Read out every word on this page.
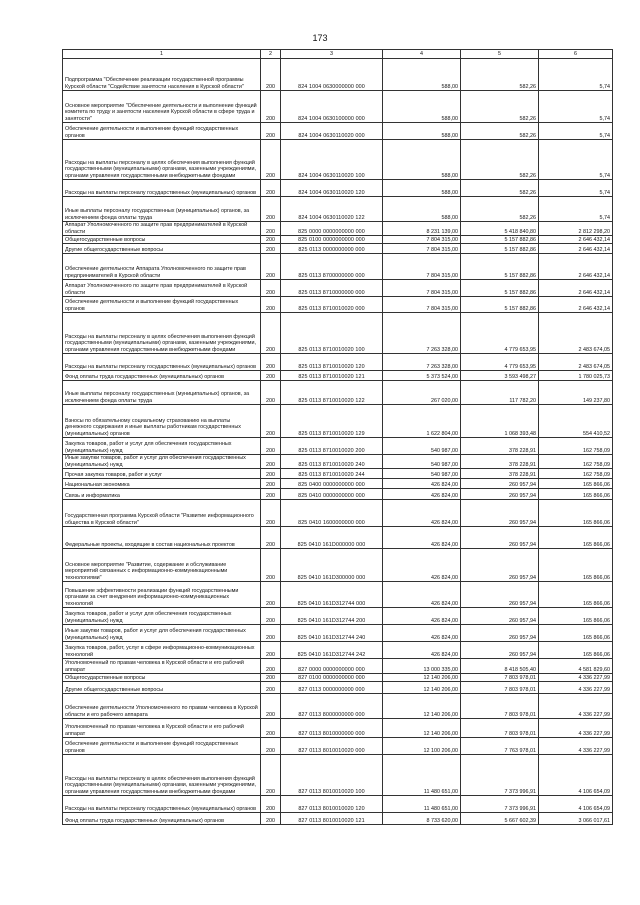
173
1	2	3	4	5	6
Подпрограмма "Обеспечение реализации государственной программы Курской области "Содействие занятости населения в Курской области"	200	824 1004 0630000000 000	588,00	582,26	5,74
Основное мероприятие "Обеспечение деятельности и выполнение функций комитета по труду и занятости населения Курской области в сфере труда и занятости"	200	824 1004 0630100000 000	588,00	582,26	5,74
Обеспечение деятельности и выполнение функций государственных органов	200	824 1004 0630110020 000	588,00	582,26	5,74
Расходы на выплаты персоналу в целях обеспечения выполнения функций государственными (муниципальными) органами, казенными учреждениями, органами управления государственными внебюджетными фондами	200	824 1004 0630110020 100	588,00	582,26	5,74
Расходы на выплаты персоналу государственных (муниципальных) органов	200	824 1004 0630110020 120	588,00	582,26	5,74
Иные выплаты персоналу государственных (муниципальных) органов, за исключением фонда оплаты труда	200	824 1004 0630110020 122	588,00	582,26	5,74
Аппарат Уполномоченного по защите прав предпринимателей в Курской области	200	825 0000 0000000000 000	8 231 139,00	5 418 840,80	2 812 298,20
Общегосударственные вопросы	200	825 0100 0000000000 000	7 804 315,00	5 157 882,86	2 646 432,14
Другие общегосударственные вопросы	200	825 0113 0000000000 000	7 804 315,00	5 157 882,86	2 646 432,14
Обеспечение деятельности Аппарата Уполномоченного по защите прав предпринимателей в Курской области	200	825 0113 8700000000 000	7 804 315,00	5 157 882,86	2 646 432,14
Аппарат Уполномоченного по защите прав предпринимателей в Курской области	200	825 0113 8710000000 000	7 804 315,00	5 157 882,86	2 646 432,14
Обеспечение деятельности и выполнение функций государственных органов	200	825 0113 8710010020 000	7 804 315,00	5 157 882,86	2 646 432,14
Расходы на выплаты персоналу в целях обеспечения выполнения функций государственными (муниципальными) органами, казенными учреждениями, органами управления государственными внебюджетными фондами	200	825 0113 8710010020 100	7 263 328,00	4 779 653,95	2 483 674,05
Расходы на выплаты персоналу государственных (муниципальных) органов	200	825 0113 8710010020 120	7 263 328,00	4 779 653,95	2 483 674,05
Фонд оплаты труда государственных (муниципальных) органов	200	825 0113 8710010020 121	5 373 524,00	3 593 498,27	1 780 025,73
Иные выплаты персоналу государственных (муниципальных) органов, за исключением фонда оплаты труда	200	825 0113 8710010020 122	267 020,00	117 782,20	149 237,80
Взносы по обязательному социальному страхованию на выплаты денежного содержания и иные выплаты работникам государственных (муниципальных) органов	200	825 0113 8710010020 129	1 622 804,00	1 068 393,48	554 410,52
Закупка товаров, работ и услуг для обеспечения государственных (муниципальных) нужд	200	825 0113 8710010020 200	540 987,00	378 228,91	162 758,09
Иные закупки товаров, работ и услуг для обеспечения государственных (муниципальных) нужд	200	825 0113 8710010020 240	540 987,00	378 228,91	162 758,09
Прочая закупка товаров, работ и услуг	200	825 0113 8710010020 244	540 987,00	378 228,91	162 758,09
Национальная экономика	200	825 0400 0000000000 000	426 824,00	260 957,94	165 866,06
Связь и информатика	200	825 0410 0000000000 000	426 824,00	260 957,94	165 866,06
Государственная программа Курской области "Развитие информационного общества в Курской области"	200	825 0410 1600000000 000	426 824,00	260 957,94	165 866,06
Федеральные проекты, входящие в состав национальных проектов	200	825 0410 161D000000 000	426 824,00	260 957,94	165 866,06
Основное мероприятие "Развитие, содержание и обслуживание мероприятий связанных с информационно-коммуникационными технологиями"	200	825 0410 161D300000 000	426 824,00	260 957,94	165 866,06
Повышение эффективности реализации функций государственными органами за счет внедрения информационно-коммуникационных технологий	200	825 0410 161D312744 000	426 824,00	260 957,94	165 866,06
Закупка товаров, работ и услуг для обеспечения государственных (муниципальных) нужд	200	825 0410 161D312744 200	426 824,00	260 957,94	165 866,06
Иные закупки товаров, работ и услуг для обеспечения государственных (муниципальных) нужд	200	825 0410 161D312744 240	426 824,00	260 957,94	165 866,06
Закупка товаров, работ, услуг в сфере информационно-коммуникационных технологий	200	825 0410 161D312744 242	426 824,00	260 957,94	165 866,06
Уполномоченный по правам человека в Курской области и его рабочий аппарат	200	827 0000 0000000000 000	13 000 335,00	8 418 505,40	4 581 829,60
Общегосударственные вопросы	200	827 0100 0000000000 000	12 140 206,00	7 803 978,01	4 336 227,99
Другие общегосударственные вопросы	200	827 0113 0000000000 000	12 140 206,00	7 803 978,01	4 336 227,99
Обеспечение деятельности Уполномоченного по правам человека в Курской области и его рабочего аппарата	200	827 0113 8000000000 000	12 140 206,00	7 803 978,01	4 336 227,99
Уполномоченный по правам человека в Курской области и его рабочий аппарат	200	827 0113 8010000000 000	12 140 206,00	7 803 978,01	4 336 227,99
Обеспечение деятельности и выполнение функций государственных органов	200	827 0113 8010010020 000	12 100 206,00	7 763 978,01	4 336 227,99
Расходы на выплаты персоналу в целях обеспечения выполнения функций государственными (муниципальными) органами, казенными учреждениями, органами управления государственными внебюджетными фондами	200	827 0113 8010010020 100	11 480 651,00	7 373 996,91	4 106 654,09
Расходы на выплаты персоналу государственных (муниципальных) органов	200	827 0113 8010010020 120	11 480 651,00	7 373 996,91	4 106 654,09
Фонд оплаты труда государственных (муниципальных) органов	200	827 0113 8010010020 121	8 733 620,00	5 667 602,39	3 066 017,61
